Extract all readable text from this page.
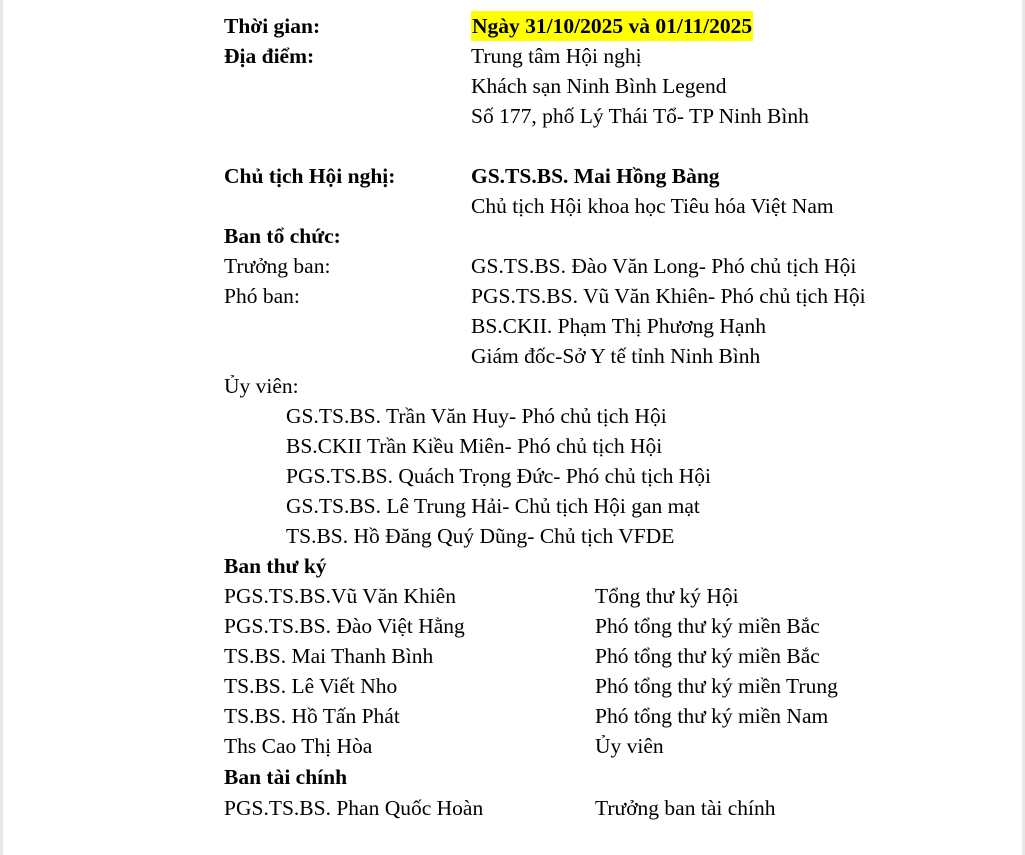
Thời gian:	Ngày 31/10/2025 và 01/11/2025
Địa điểm:	Trung tâm Hội nghị
Khách sạn Ninh Bình Legend
Số 177, phố Lý Thái Tổ- TP Ninh Bình
Chủ tịch Hội nghị:	GS.TS.BS. Mai Hồng Bàng
Chủ tịch Hội khoa học Tiêu hóa Việt Nam
Ban tổ chức:
Trưởng ban:	GS.TS.BS. Đào Văn Long- Phó chủ tịch Hội
Phó ban:	PGS.TS.BS. Vũ Văn Khiên- Phó chủ tịch Hội
BS.CKII. Phạm Thị Phương Hạnh
Giám đốc-Sở Y tế tỉnh Ninh Bình
Ủy viên:
GS.TS.BS. Trần Văn Huy- Phó chủ tịch Hội
BS.CKII Trần Kiều Miên- Phó chủ tịch Hội
PGS.TS.BS. Quách Trọng Đức- Phó chủ tịch Hội
GS.TS.BS. Lê Trung Hải- Chủ tịch Hội gan mạt
TS.BS. Hồ Đăng Quý Dũng- Chủ tịch VFDE
Ban thư ký
PGS.TS.BS.Vũ Văn Khiên	Tổng thư ký Hội
PGS.TS.BS. Đào Việt Hằng	Phó tổng thư ký miền Bắc
TS.BS. Mai Thanh Bình	Phó tổng thư ký miền Bắc
TS.BS. Lê Viết Nho	Phó tổng thư ký miền Trung
TS.BS. Hồ Tấn Phát	Phó tổng thư ký miền Nam
Ths Cao Thị Hòa	Ủy viên
Ban tài chính
PGS.TS.BS. Phan Quốc Hoàn	Trưởng ban tài chính
